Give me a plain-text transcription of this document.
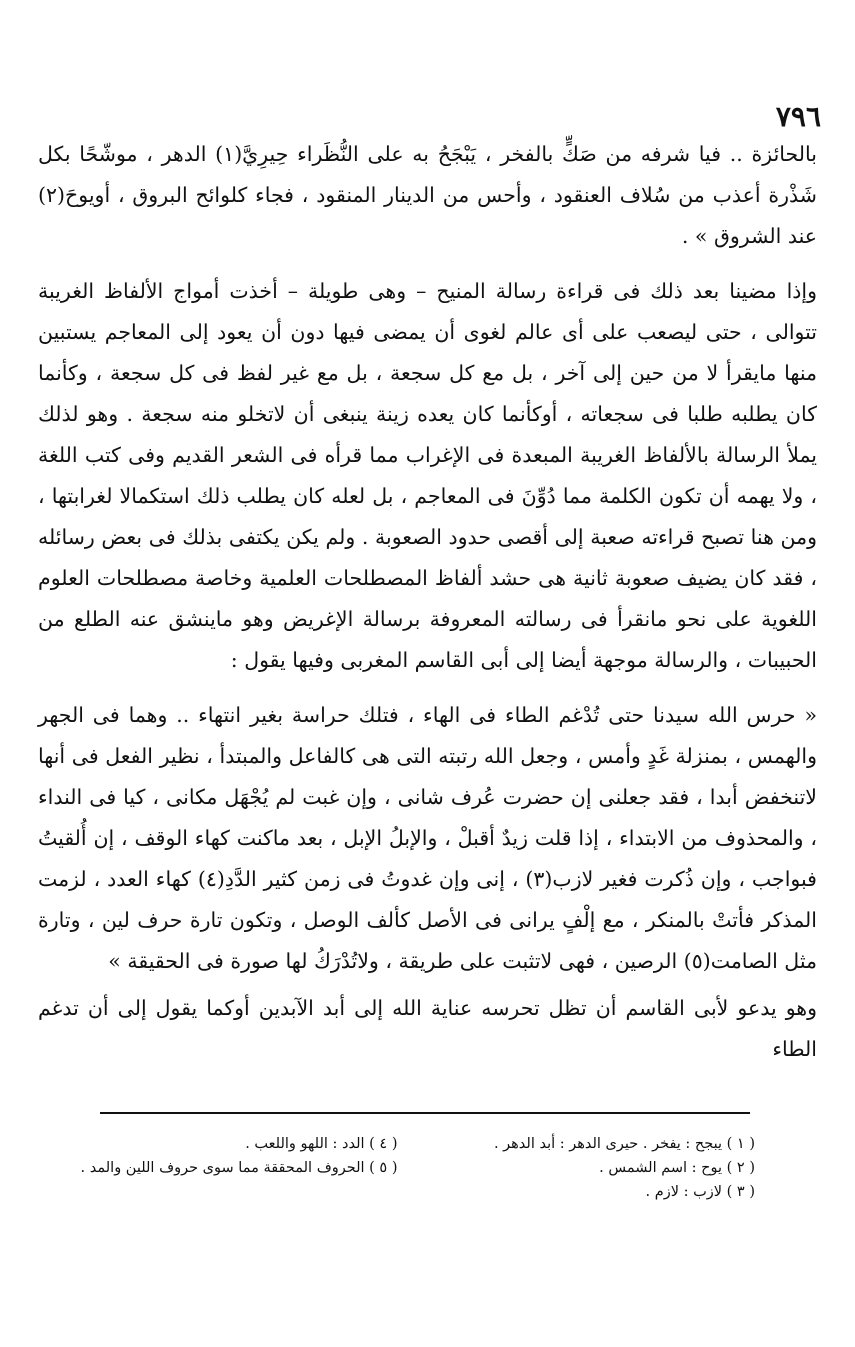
٧٩٦

بالحائزة .. فيا شرفه من صَكٍّ بالفخر ، يَبْجَحُ به على النُّظَراء حِيرِيَّ(١) الدهر ، موشّحًا بكل شَذْرة أعذب من سُلاف العنقود ، وأحس من الدينار المنقود ، فجاء كلوائح البروق ، أويوحَ(٢) عند الشروق » .

وإذا مضينا بعد ذلك فى قراءة رسالة المنيح – وهى طويلة – أخذت أمواج الألفاظ الغريبة تتوالى ، حتى ليصعب على أى عالم لغوى أن يمضى فيها دون أن يعود إلى المعاجم يستبين منها مايقرأ لا من حين إلى آخر ، بل مع كل سجعة ، بل مع غير لفظ فى كل سجعة ، وكأنما كان يطلبه طلبا فى سجعاته ، أوكأنما كان يعده زينة ينبغى أن لاتخلو منه سجعة . وهو لذلك يملأ الرسالة بالألفاظ الغريبة المبعدة فى الإغراب مما قرأه فى الشعر القديم وفى كتب اللغة ، ولا يهمه أن تكون الكلمة مما دُوِّنَ فى المعاجم ، بل لعله كان يطلب ذلك استكمالا لغرابتها ، ومن هنا تصبح قراءته صعبة إلى أقصى حدود الصعوبة . ولم يكن يكتفى بذلك فى بعض رسائله ، فقد كان يضيف صعوبة ثانية هى حشد ألفاظ المصطلحات العلمية وخاصة مصطلحات العلوم اللغوية على نحو مانقرأ فى رسالته المعروفة برسالة الإغريض وهو ماينشق عنه الطلع من الحبيبات ، والرسالة موجهة أيضا إلى أبى القاسم المغربى وفيها يقول :

« حرس الله سيدنا حتى تُدْغم الطاء فى الهاء ، فتلك حراسة بغير انتهاء .. وهما فى الجهر والهمس ، بمنزلة غَدٍ وأمس ، وجعل الله رتبته التى هى كالفاعل والمبتدأ ، نظير الفعل فى أنها لاتنخفض أبدا ، فقد جعلنى إن حضرت عُرف شانى ، وإن غبت لم يُجْهَل مكانى ، كيا فى النداء ، والمحذوف من الابتداء ، إذا قلت زيدٌ أقبلْ ، والإبلُ الإبل ، بعد ماكنت كهاء الوقف ، إن أُلقيتُ فبواجب ، وإن ذُكرت فغير لازب(٣) ، إنى وإن غدوتُ فى زمن كثير الدَّدِ(٤) كهاء العدد ، لزمت المذكر فأتتْ بالمنكر ، مع إلْفٍ يرانى فى الأصل كألف الوصل ، وتكون تارة حرف لين ، وتارة مثل الصامت(٥) الرصين ، فهى لاتثبت على طريقة ، ولاتُدْرَكُ لها صورة فى الحقيقة »

وهو يدعو لأبى القاسم أن تظل تحرسه عناية الله إلى أبد الآبدين أوكما يقول إلى أن تدغم الطاء

( ١ ) يبجح : يفخر . حيرى الدهر : أبد الدهر .
( ٢ ) يوح : اسم الشمس .
( ٣ ) لازب : لازم .
( ٤ ) الدد : اللهو واللعب .
( ٥ ) الحروف المحققة مما سوى حروف اللين والمد .
